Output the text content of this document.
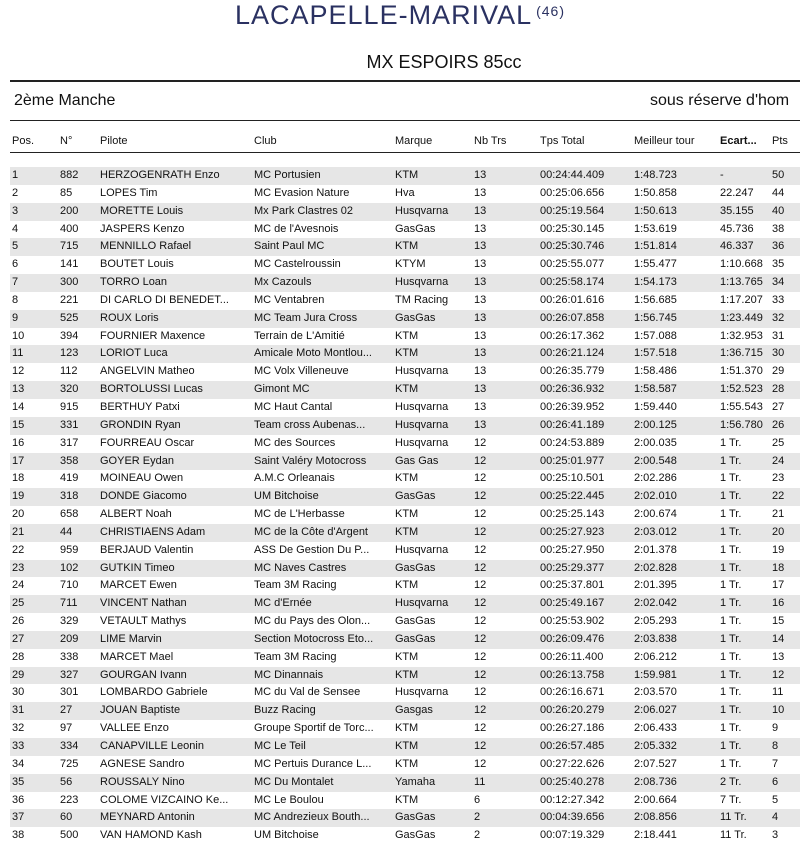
LACAPELLE-MARIVAL $^{(46)}$
MX ESPOIRS 85cc
2ème Manche	sous réserve d'hom
Pos.	N°	Pilote	Club	Marque	Nb Trs	Tps Total	Meilleur tour	Ecart...	Pts
1	882	HERZOGENRATH Enzo	MC Portusien	KTM	13	00:24:44.409	1:48.723	-	50
2	85	LOPES Tim	MC Evasion Nature	Hva	13	00:25:06.656	1:50.858	22.247	44
3	200	MORETTE Louis	Mx Park Clastres 02	Husqvarna	13	00:25:19.564	1:50.613	35.155	40
4	400	JASPERS Kenzo	MC de l'Avesnois	GasGas	13	00:25:30.145	1:53.619	45.736	38
5	715	MENNILLO Rafael	Saint Paul MC	KTM	13	00:25:30.746	1:51.814	46.337	36
6	141	BOUTET Louis	MC Castelroussin	KTYM	13	00:25:55.077	1:55.477	1:10.668 35
7	300	TORRO Loan	Mx Cazouls	Husqvarna	13	00:25:58.174	1:54.173	1:13.765 34
8	221	DI CARLO DI BENEDET...	MC Ventabren	TM Racing	13	00:26:01.616	1:56.685	1:17.207 33
9	525	ROUX Loris	MC Team Jura Cross	GasGas	13	00:26:07.858	1:56.745	1:23.449 32
10	394	FOURNIER Maxence	Terrain de L'Amitié	KTM	13	00:26:17.362	1:57.088	1:32.953 31
11	123	LORIOT Luca	Amicale Moto Montlou...	KTM	13	00:26:21.124	1:57.518	1:36.715 30
12	112	ANGELVIN Matheo	MC Volx Villeneuve	Husqvarna	13	00:26:35.779	1:58.486	1:51.370 29
13	320	BORTOLUSSI Lucas	Gimont MC	KTM	13	00:26:36.932	1:58.587	1:52.523 28
14	915	BERTHUY Patxi	MC Haut Cantal	Husqvarna	13	00:26:39.952	1:59.440	1:55.543 27
15	331	GRONDIN Ryan	Team cross Aubenas...	Husqvarna	13	00:26:41.189	2:00.125	1:56.780 26
16	317	FOURREAU Oscar	MC des Sources	Husqvarna	12	00:24:53.889	2:00.035	1 Tr.	25
17	358	GOYER Eydan	Saint Valéry Motocross	Gas Gas	12	00:25:01.977	2:00.548	1 Tr.	24
18	419	MOINEAU Owen	A.M.C Orleanais	KTM	12	00:25:10.501	2:02.286	1 Tr.	23
19	318	DONDE Giacomo	UM Bitchoise	GasGas	12	00:25:22.445	2:02.010	1 Tr.	22
20	658	ALBERT Noah	MC de L'Herbasse	KTM	12	00:25:25.143	2:00.674	1 Tr.	21
21	44	CHRISTIAENS Adam	MC de la Côte d'Argent	KTM	12	00:25:27.923	2:03.012	1 Tr.	20
22	959	BERJAUD Valentin	ASS De Gestion Du P...	Husqvarna	12	00:25:27.950	2:01.378	1 Tr.	19
23	102	GUTKIN Timeo	MC Naves Castres	GasGas	12	00:25:29.377	2:02.828	1 Tr.	18
24	710	MARCET Ewen	Team 3M Racing	KTM	12	00:25:37.801	2:01.395	1 Tr.	17
25	711	VINCENT Nathan	MC d'Ernée	Husqvarna	12	00:25:49.167	2:02.042	1 Tr.	16
26	329	VETAULT Mathys	MC du Pays des Olon...	GasGas	12	00:25:53.902	2:05.293	1 Tr.	15
27	209	LIME Marvin	Section Motocross Eto...	GasGas	12	00:26:09.476	2:03.838	1 Tr.	14
28	338	MARCET Mael	Team 3M Racing	KTM	12	00:26:11.400	2:06.212	1 Tr.	13
29	327	GOURGAN Ivann	MC Dinannais	KTM	12	00:26:13.758	1:59.981	1 Tr.	12
30	301	LOMBARDO Gabriele	MC du Val de Sensee	Husqvarna	12	00:26:16.671	2:03.570	1 Tr.	11
31	27	JOUAN Baptiste	Buzz Racing	Gasgas	12	00:26:20.279	2:06.027	1 Tr.	10
32	97	VALLEE Enzo	Groupe Sportif de Torc...	KTM	12	00:26:27.186	2:06.433	1 Tr.	9
33	334	CANAPVILLE Leonin	MC Le Teil	KTM	12	00:26:57.485	2:05.332	1 Tr.	8
34	725	AGNESE Sandro	MC Pertuis Durance L...	KTM	12	00:27:22.626	2:07.527	1 Tr.	7
35	56	ROUSSALY Nino	MC Du Montalet	Yamaha	11	00:25:40.278	2:08.736	2 Tr.	6
36	223	COLOME VIZCAINO Ke...	MC Le Boulou	KTM	6	00:12:27.342	2:00.664	7 Tr.	5
37	60	MEYNARD Antonin	MC Andrezieux Bouth...	GasGas	2	00:04:39.656	2:08.856	11 Tr.	4
38	500	VAN HAMOND Kash	UM Bitchoise	GasGas	2	00:07:19.329	2:18.441	11 Tr.	3
